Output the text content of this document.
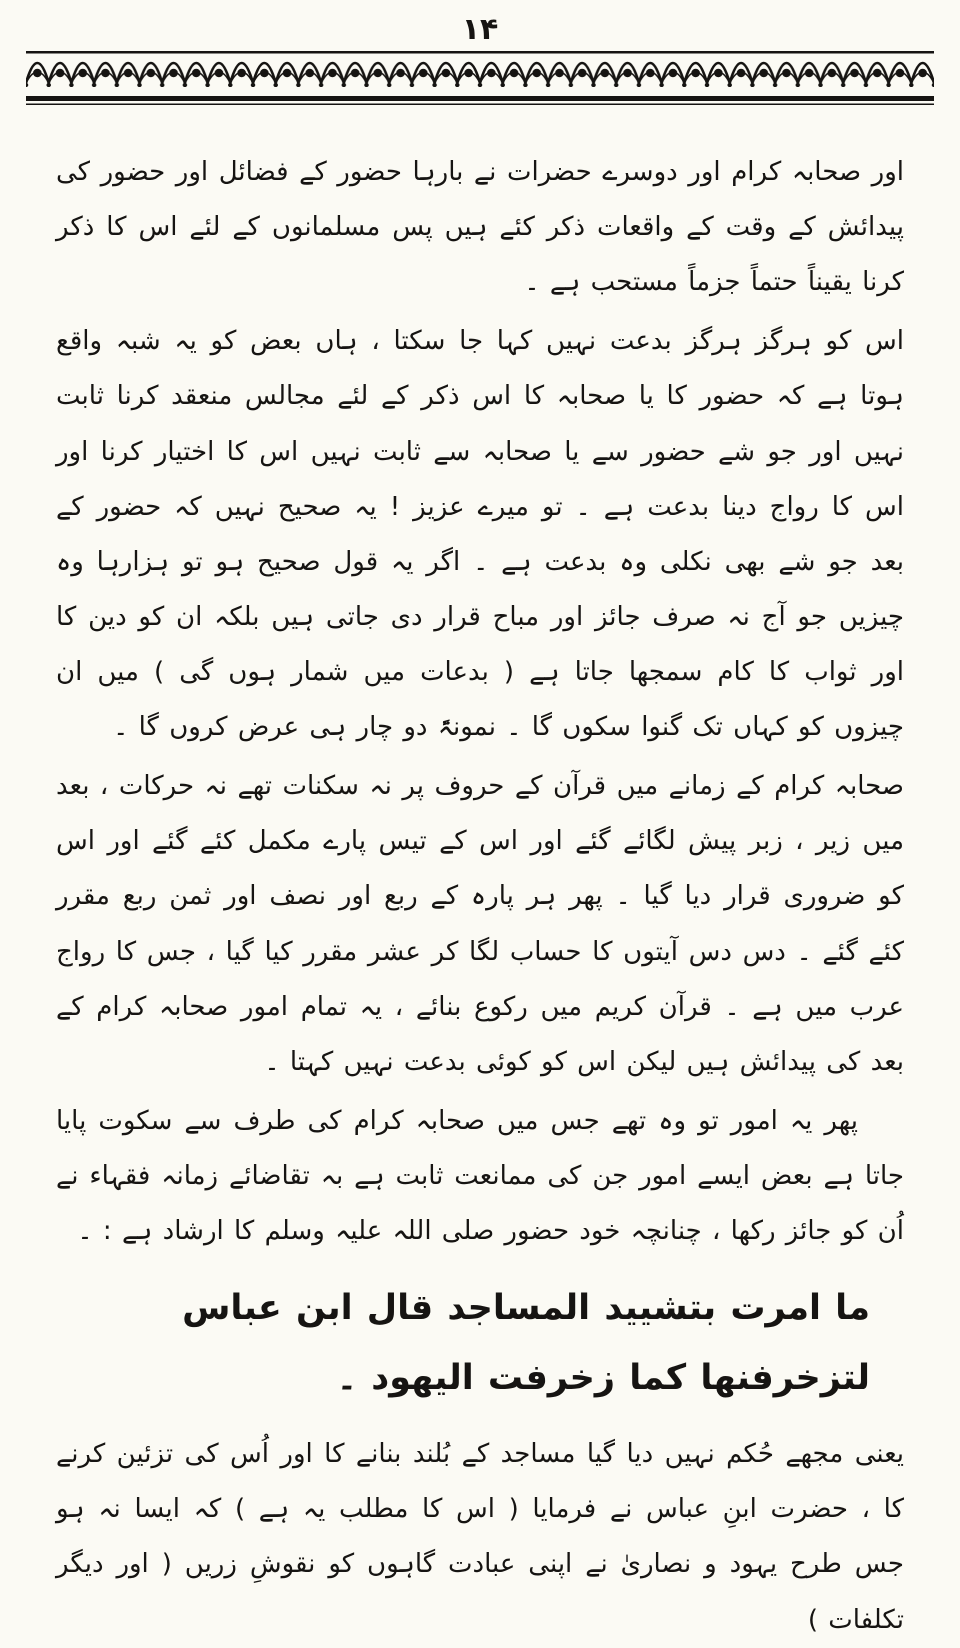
۱۴

اور صحابہ کرام اور دوسرے حضرات نے بارہا حضور کے فضائل اور حضور کی پیدائش کے وقت کے واقعات ذکر کئے ہیں پس مسلمانوں کے لئے اس کا ذکر کرنا یقیناً حتماً جزماً مستحب ہے ۔

اس کو ہرگز ہرگز بدعت نہیں کہا جا سکتا ، ہاں بعض کو یہ شبہ واقع ہوتا ہے کہ حضور کا یا صحابہ کا اس ذکر کے لئے مجالس منعقد کرنا ثابت نہیں اور جو شے حضور سے یا صحابہ سے ثابت نہیں اس کا اختیار کرنا اور اس کا رواج دینا بدعت ہے ۔ تو میرے عزیز ! یہ صحیح نہیں کہ حضور کے بعد جو شے بھی نکلی وہ بدعت ہے ۔ اگر یہ قول صحیح ہو تو ہزارہا وہ چیزیں جو آج نہ صرف جائز اور مباح قرار دی جاتی ہیں بلکہ ان کو دین کا اور ثواب کا کام سمجھا جاتا ہے ( بدعات میں شمار ہوں گی ) میں ان چیزوں کو کہاں تک گنوا سکوں گا ۔ نمونۃً دو چار ہی عرض کروں گا ۔

صحابہ کرام کے زمانے میں قرآن کے حروف پر نہ سکنات تھے نہ حرکات ، بعد میں زیر ، زبر پیش لگائے گئے اور اس کے تیس پارے مکمل کئے گئے اور اس کو ضروری قرار دیا گیا ۔ پھر ہر پارہ کے ربع اور نصف اور ثمن ربع مقرر کئے گئے ۔ دس دس آیتوں کا حساب لگا کر عشر مقرر کیا گیا ، جس کا رواج عرب میں ہے ۔ قرآن کریم میں رکوع بنائے ، یہ تمام امور صحابہ کرام کے بعد کی پیدائش ہیں لیکن اس کو کوئی بدعت نہیں کہتا ۔

پھر یہ امور تو وہ تھے جس میں صحابہ کرام کی طرف سے سکوت پایا جاتا ہے بعض ایسے امور جن کی ممانعت ثابت ہے بہ تقاضائے زمانہ فقہاء نے اُن کو جائز رکھا ، چنانچہ خود حضور صلی اللہ علیہ وسلم کا ارشاد ہے : ۔

ما امرت بتشييد المساجد قال ابن عباس لتزخرفنها كما زخرفت اليهود ۔

یعنی مجھے حُکم نہیں دیا گیا مساجد کے بُلند بنانے کا اور اُس کی تزئین کرنے کا ، حضرت ابنِ عباس نے فرمایا ( اس کا مطلب یہ ہے ) کہ ایسا نہ ہو جس طرح یہود و نصاریٰ نے اپنی عبادت گاہوں کو نقوشِ زریں ( اور دیگر تکلفات )
